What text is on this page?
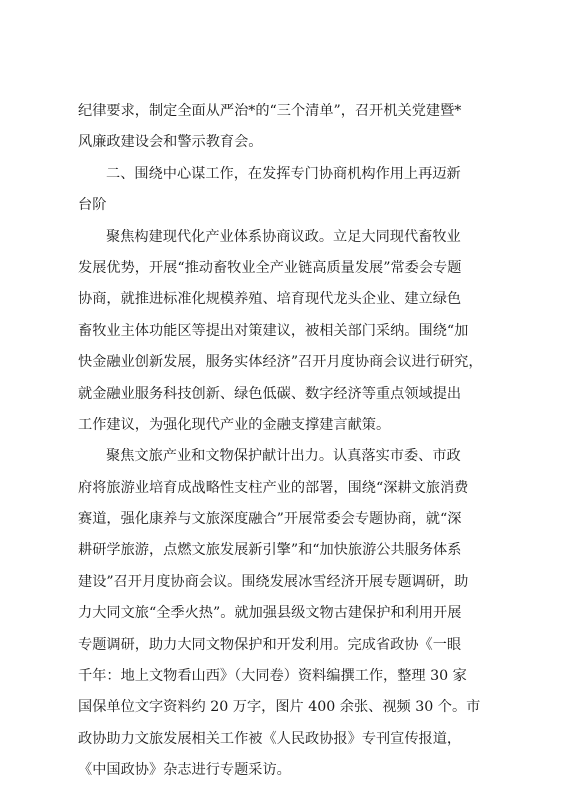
纪律要求，制定全面从严治*的“三个清单”，召开机关党建暨*
风廉政建设会和警示教育会。
二、围绕中心谋工作，在发挥专门协商机构作用上再迈新
台阶
聚焦构建现代化产业体系协商议政。立足大同现代畜牧业
发展优势，开展“推动畜牧业全产业链高质量发展”常委会专题
协商，就推进标准化规模养殖、培育现代龙头企业、建立绿色
畜牧业主体功能区等提出对策建议，被相关部门采纳。围绕“加
快金融业创新发展，服务实体经济”召开月度协商会议进行研究，
就金融业服务科技创新、绿色低碳、数字经济等重点领域提出
工作建议，为强化现代产业的金融支撑建言献策。
聚焦文旅产业和文物保护献计出力。认真落实市委、市政
府将旅游业培育成战略性支柱产业的部署，围绕“深耕文旅消费
赛道，强化康养与文旅深度融合”开展常委会专题协商，就“深
耕研学旅游，点燃文旅发展新引擎”和“加快旅游公共服务体系
建设”召开月度协商会议。围绕发展冰雪经济开展专题调研，助
力大同文旅“全季火热”。就加强县级文物古建保护和利用开展
专题调研，助力大同文物保护和开发利用。完成省政协《一眼
千年：地上文物看山西》（大同卷）资料编撰工作，整理 30 家
国保单位文字资料约 20 万字，图片 400 余张、视频 30 个。市
政协助力文旅发展相关工作被《人民政协报》专刊宣传报道，
《中国政协》杂志进行专题采访。
